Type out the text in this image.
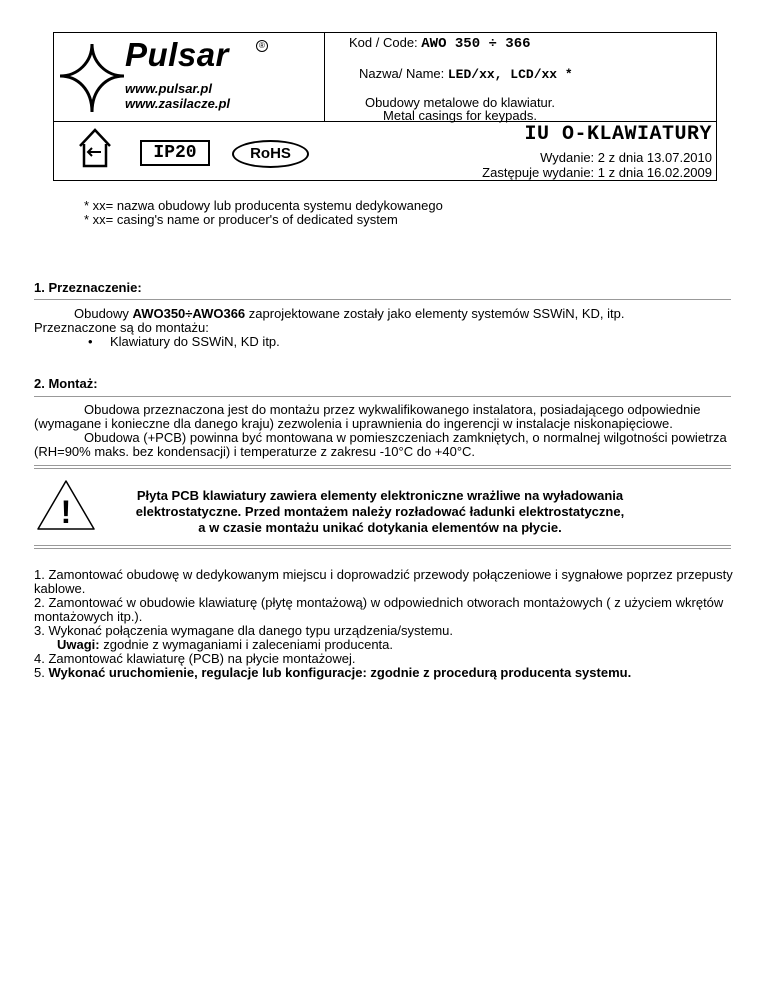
Pulsar	®
www.pulsar.pl
www.zasilacze.pl
Kod / Code: AWO 350 ÷ 366
Nazwa/ Name: LED/xx, LCD/xx *
Obudowy metalowe do klawiatur.
Metal casings for keypads.
IP20	RoHS
IU O-KLAWIATURY
Wydanie: 2 z dnia 13.07.2010
Zastępuje wydanie: 1 z dnia 16.02.2009
* xx= nazwa obudowy lub producenta systemu dedykowanego
* xx= casing's name or producer's of dedicated system
1. Przeznaczenie:
Obudowy AWO350÷AWO366 zaprojektowane zostały jako elementy systemów SSWiN, KD, itp.
Przeznaczone są do montażu:
• Klawiatury do SSWiN, KD itp.
2. Montaż:
Obudowa przeznaczona jest do montażu przez wykwalifikowanego instalatora, posiadającego odpowiednie
(wymagane i konieczne dla danego kraju) zezwolenia i uprawnienia do ingerencji w instalacje niskonapięciowe.
Obudowa (+PCB) powinna być montowana w pomieszczeniach zamkniętych, o normalnej wilgotności powietrza
(RH=90% maks. bez kondensacji) i temperaturze z zakresu -10°C do +40°C.
!	Płyta PCB klawiatury zawiera elementy elektroniczne wrażliwe na wyładowania
elektrostatyczne. Przed montażem należy rozładować ładunki elektrostatyczne,
a w czasie montażu unikać dotykania elementów na płycie.
1. Zamontować obudowę w dedykowanym miejscu i doprowadzić przewody połączeniowe i sygnałowe poprzez przepusty
kablowe.
2. Zamontować w obudowie klawiaturę (płytę montażową) w odpowiednich otworach montażowych ( z użyciem wkrętów
montażowych itp.).
3. Wykonać połączenia wymagane dla danego typu urządzenia/systemu.
Uwagi: zgodnie z wymaganiami i zaleceniami producenta.
4. Zamontować klawiaturę (PCB) na płycie montażowej.
5. Wykonać uruchomienie, regulacje lub konfiguracje: zgodnie z procedurą producenta systemu.
